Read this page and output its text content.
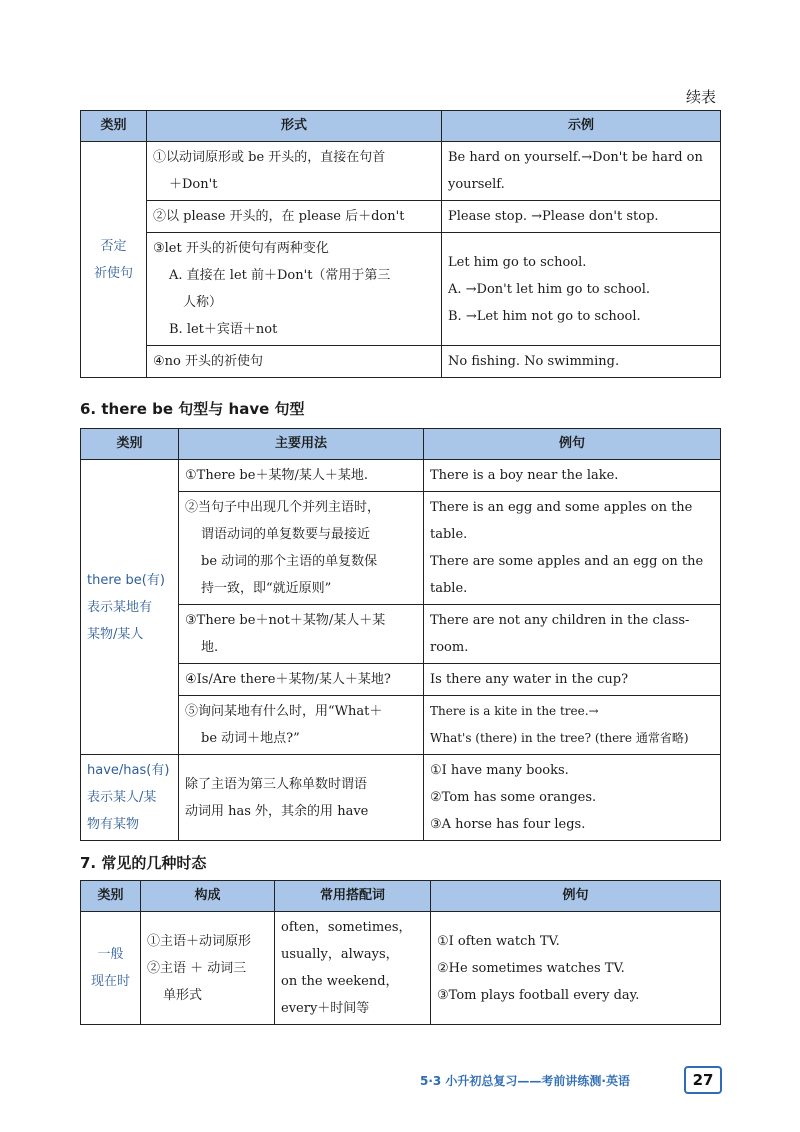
续表
类别	形式	示例

否定
祈使句	①以动词原形或 be 开头的，直接在句首
＋Don't	Be hard on yourself.→Don't be hard on
yourself.

	②以 please 开头的，在 please 后＋don't	Please stop. →Please don't stop.

	③let 开头的祈使句有两种变化
A. 直接在 let 前＋Don't（常用于第三
人称）
B. let＋宾语＋not	Let him go to school.
A. →Don't let him go to school.
B. →Let him not go to school.

	④no 开头的祈使句	No fishing. No swimming.
6. there be 句型与 have 句型
类别	主要用法	例句

there be(有)
表示某地有
某物/某人	①There be＋某物/某人＋某地.	There is a boy near the lake.

	②当句子中出现几个并列主语时，
谓语动词的单复数要与最接近
be 动词的那个主语的单复数保
持一致，即“就近原则”	There is an egg and some apples on the
table.
There are some apples and an egg on the
table.

	③There be＋not＋某物/某人＋某
地.	There are not any children in the class-
room.

	④Is/Are there＋某物/某人＋某地?	Is there any water in the cup?

	⑤询问某地有什么时，用“What＋
be 动词＋地点?”	There is a kite in the tree.→
What's (there) in the tree? (there 通常省略)

have/has(有)
表示某人/某
物有某物	除了主语为第三人称单数时谓语
动词用 has 外，其余的用 have	①I have many books.
②Tom has some oranges.
③A horse has four legs.
7. 常见的几种时态
类别	构成	常用搭配词	例句

一般
现在时	①主语＋动词原形
②主语 ＋ 动词三
单形式	often，sometimes，
usually，always，
on the weekend，
every＋时间等	①I often watch TV.
②He sometimes watches TV.
③Tom plays football every day.
5·3 小升初总复习——考前讲练测·英语	27
